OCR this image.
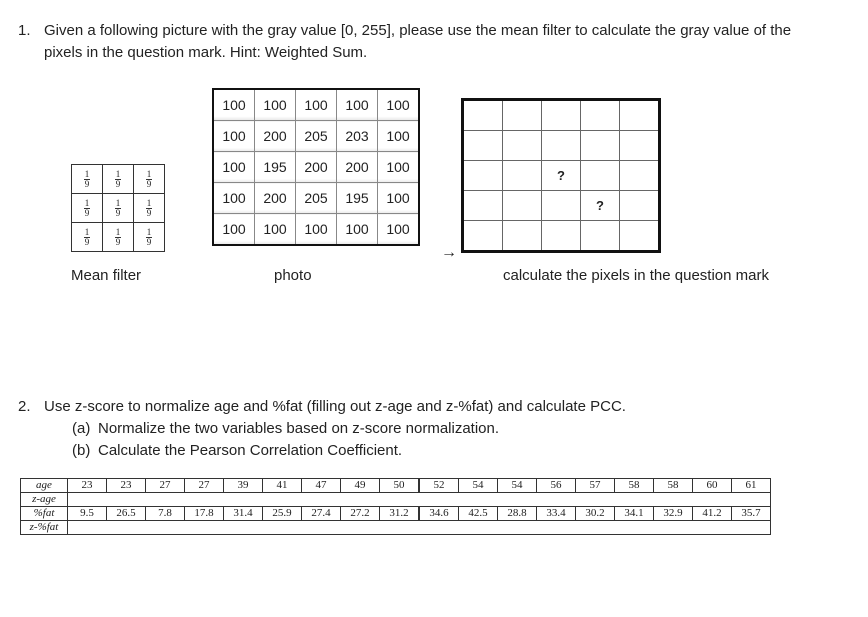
1. Given a following picture with the gray value [0, 255], please use the mean filter to calculate the gray value of the
pixels in the question mark. Hint: Weighted Sum.
$\frac{1}{9}$	$\frac{1}{9}$	$\frac{1}{9}$

$\frac{1}{9}$	$\frac{1}{9}$	$\frac{1}{9}$

$\frac{1}{9}$	$\frac{1}{9}$	$\frac{1}{9}$
Mean filter
100	100	100	100	100
100	200	205	203	100
100	195	200	200	100
100	200	205	195	100
100	100	100	100	100
photo
→

		?		
			?	

calculate the pixels in the question mark
2. Use z-score to normalize age and %fat (filling out z-age and z-%fat) and calculate PCC.
(a) Normalize the two variables based on z-score normalization.
(b) Calculate the Pearson Correlation Coefficient.
age	23	23	27	27	39	41	47	49	50	52	54	54	56	57	58	58	60	61
z-age																		
%fat	9.5	26.5	7.8	17.8	31.4	25.9	27.4	27.2	31.2	34.6	42.5	28.8	33.4	30.2	34.1	32.9	41.2	35.7
z-%fat																		
